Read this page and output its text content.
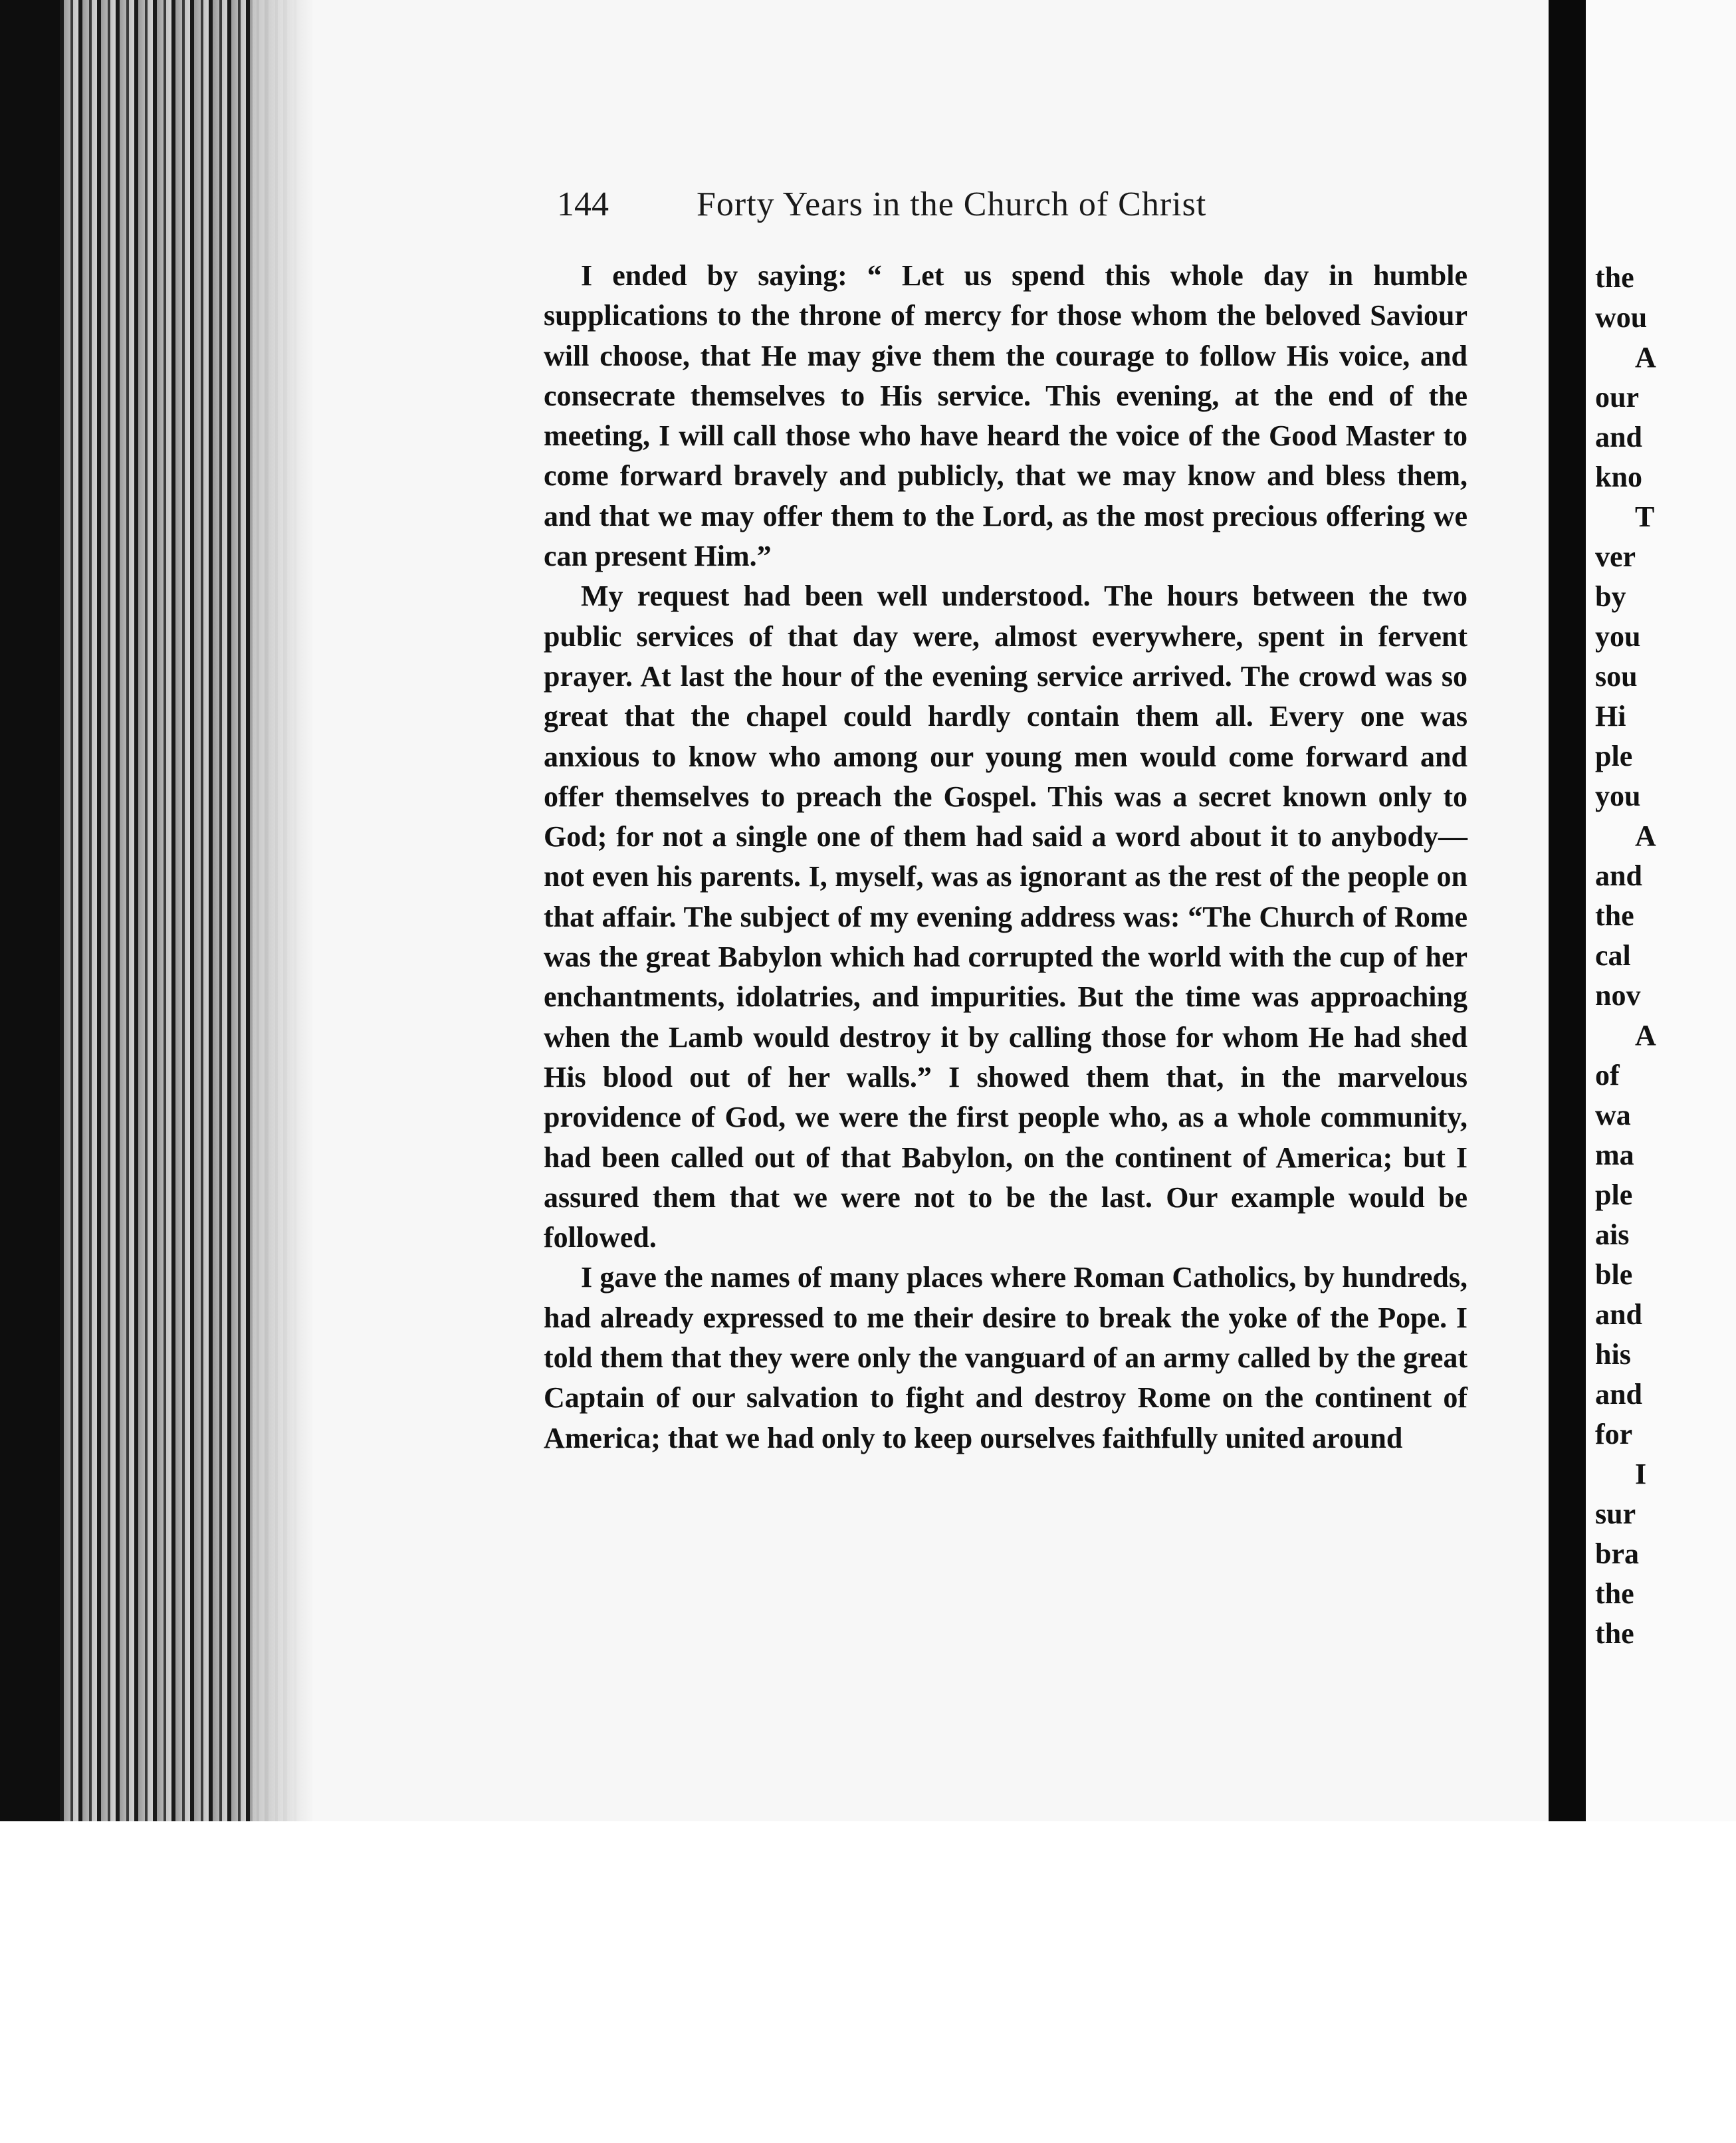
144	Forty Years in the Church of Christ

I ended by saying: “ Let us spend this whole day in humble supplications to the throne of mercy for those whom the beloved Saviour will choose, that He may give them the courage to follow His voice, and consecrate themselves to His service. This evening, at the end of the meeting, I will call those who have heard the voice of the Good Master to come forward bravely and publicly, that we may know and bless them, and that we may offer them to the Lord, as the most precious offering we can present Him.”

My request had been well understood. The hours between the two public services of that day were, almost everywhere, spent in fervent prayer. At last the hour of the evening service arrived. The crowd was so great that the chapel could hardly contain them all. Every one was anxious to know who among our young men would come forward and offer themselves to preach the Gospel. This was a secret known only to God; for not a single one of them had said a word about it to anybody—not even his parents. I, myself, was as ignorant as the rest of the people on that affair. The subject of my evening address was: “The Church of Rome was the great Babylon which had corrupted the world with the cup of her enchantments, idolatries, and impurities. But the time was approaching when the Lamb would destroy it by calling those for whom He had shed His blood out of her walls.” I showed them that, in the marvelous providence of God, we were the first people who, as a whole community, had been called out of that Babylon, on the continent of America; but I assured them that we were not to be the last. Our example would be followed.

I gave the names of many places where Roman Catholics, by hundreds, had already expressed to me their desire to break the yoke of the Pope. I told them that they were only the vanguard of an army called by the great Captain of our salvation to fight and destroy Rome on the continent of America; that we had only to keep ourselves faithfully united around

the
wou
A
our
and
kno
T
ver
by
you
sou
Hi
ple
you
A
and
the
cal
nov
A
of
wa
ma
ple
ais
ble
and
his
and
for
I
sur
bra
the
the
